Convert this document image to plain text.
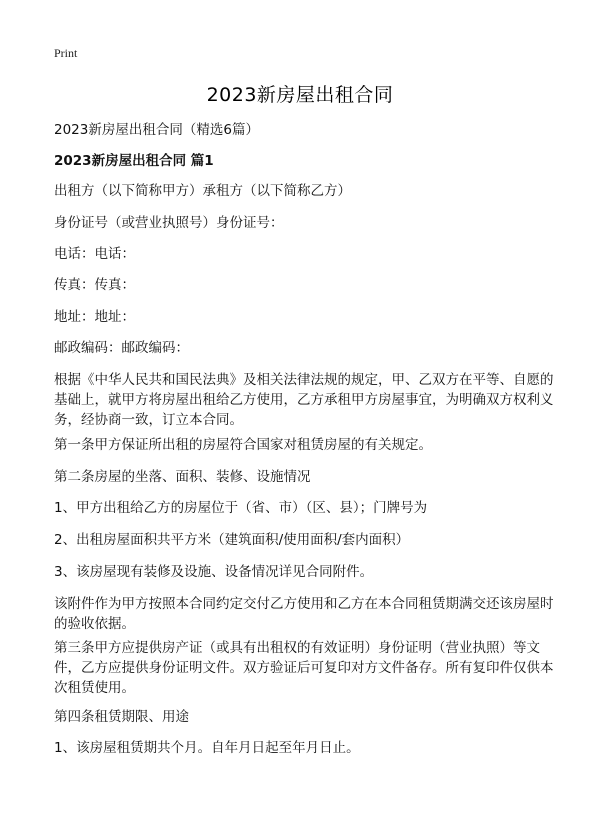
Print
2023新房屋出租合同
2023新房屋出租合同（精选6篇）
2023新房屋出租合同 篇1
出租方（以下简称甲方）承租方（以下简称乙方）
身份证号（或营业执照号）身份证号：
电话：电话：
传真：传真：
地址：地址：
邮政编码：邮政编码：
根据《中华人民共和国民法典》及相关法律法规的规定，甲、乙双方在平等、自愿的基础上，就甲方将房屋出租给乙方使用，乙方承租甲方房屋事宜，为明确双方权利义务，经协商一致，订立本合同。
第一条甲方保证所出租的房屋符合国家对租赁房屋的有关规定。
第二条房屋的坐落、面积、装修、设施情况
1、甲方出租给乙方的房屋位于（省、市）（区、县）；门牌号为
2、出租房屋面积共平方米（建筑面积/使用面积/套内面积）
3、该房屋现有装修及设施、设备情况详见合同附件。
该附件作为甲方按照本合同约定交付乙方使用和乙方在本合同租赁期满交还该房屋时的验收依据。
第三条甲方应提供房产证（或具有出租权的有效证明）身份证明（营业执照）等文件，乙方应提供身份证明文件。双方验证后可复印对方文件备存。所有复印件仅供本次租赁使用。
第四条租赁期限、用途
1、该房屋租赁期共个月。自年月日起至年月日止。
